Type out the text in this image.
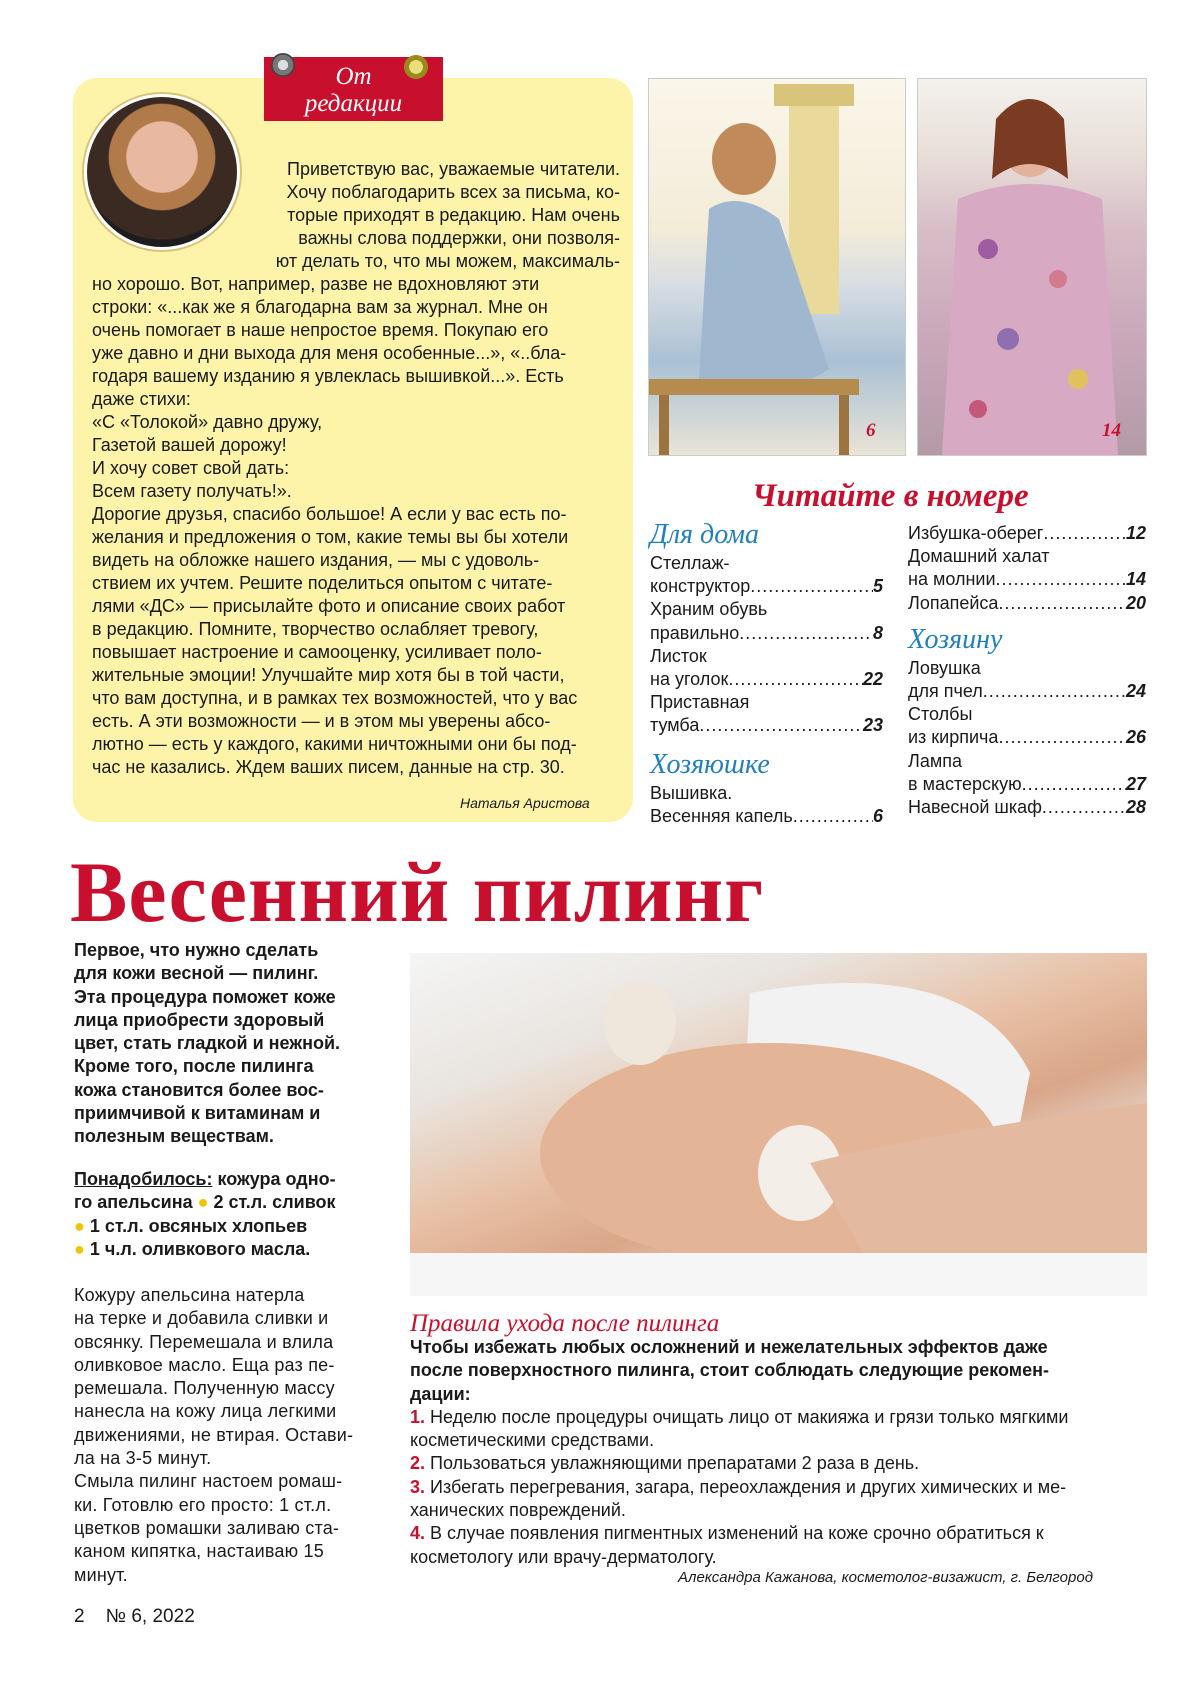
От
редакции
Приветствую вас, уважаемые читатели.
Хочу поблагодарить всех за письма, ко-
торые приходят в редакцию. Нам очень
важны слова поддержки, они позволя-
ют делать то, что мы можем, максималь-
но хорошо. Вот, например, разве не вдохновляют эти
строки: «...как же я благодарна вам за журнал. Мне он
очень помогает в наше непростое время. Покупаю его
уже давно и дни выхода для меня особенные...», «..бла-
годаря вашему изданию я увлеклась вышивкой...». Есть
даже стихи:
«С «Толокой» давно дружу,
Газетой вашей дорожу!
И хочу совет свой дать:
Всем газету получать!».
Дорогие друзья, спасибо большое! А если у вас есть по-
желания и предложения о том, какие темы вы бы хотели
видеть на обложке нашего издания, — мы с удоволь-
ствием их учтем. Решите поделиться опытом с читате-
лями «ДС» — присылайте фото и описание своих работ
в редакцию. Помните, творчество ослабляет тревогу,
повышает настроение и самооценку, усиливает поло-
жительные эмоции! Улучшайте мир хотя бы в той части,
что вам доступна, и в рамках тех возможностей, что у вас
есть. А эти возможности — и в этом мы уверены абсо-
лютно — есть у каждого, какими ничтожными они бы под-
час не казались. Ждем ваших писем, данные на стр. 30.
Наталья Аристова
6	14
Читайте в номере
Для дома
Стеллаж-
конструктор .....	5
Храним обувь
правильно .....	8
Листок
на уголок .....	22
Приставная
тумба .....	23
Хозяюшке
Вышивка.
Весенняя капель .....	6
Избушка-оберег .....	12
Домашний халат
на молнии .....	14
Лопапейса .....	20
Хозяину
Ловушка
для пчел .....	24
Столбы
из кирпича .....	26
Лампа
в мастерскую .....	27
Навесной шкаф .....	28
Весенний пилинг
Первое, что нужно сделать
для кожи весной — пилинг.
Эта процедура поможет коже
лица приобрести здоровый
цвет, стать гладкой и нежной.
Кроме того, после пилинга
кожа становится более вос-
приимчивой к витаминам и
полезным веществам.
Понадобилось: кожура одно-
го апельсина ● 2 ст.л. сливок
● 1 ст.л. овсяных хлопьев
● 1 ч.л. оливкового масла.
Кожуру апельсина натерла
на терке и добавила сливки и
овсянку. Перемешала и влила
оливковое масло. Еща раз пе-
ремешала. Полученную массу
нанесла на кожу лица легкими
движениями, не втирая. Остави-
ла на 3-5 минут.
Смыла пилинг настоем ромаш-
ки. Готовлю его просто: 1 ст.л.
цветков ромашки заливаю ста-
каном кипятка, настаиваю 15
минут.
Правила ухода после пилинга
Чтобы избежать любых осложнений и нежелательных эффектов даже
после поверхностного пилинга, стоит соблюдать следующие рекомен-
дации:
1. Неделю после процедуры очищать лицо от макияжа и грязи только мягкими
косметическими средствами.
2. Пользоваться увлажняющими препаратами 2 раза в день.
3. Избегать перегревания, загара, переохлаждения и других химических и ме-
ханических повреждений.
4. В случае появления пигментных изменений на коже срочно обратиться к
косметологу или врачу-дерматологу.
Александра Кажанова, косметолог-визажист, г. Белгород
2 № 6, 2022
